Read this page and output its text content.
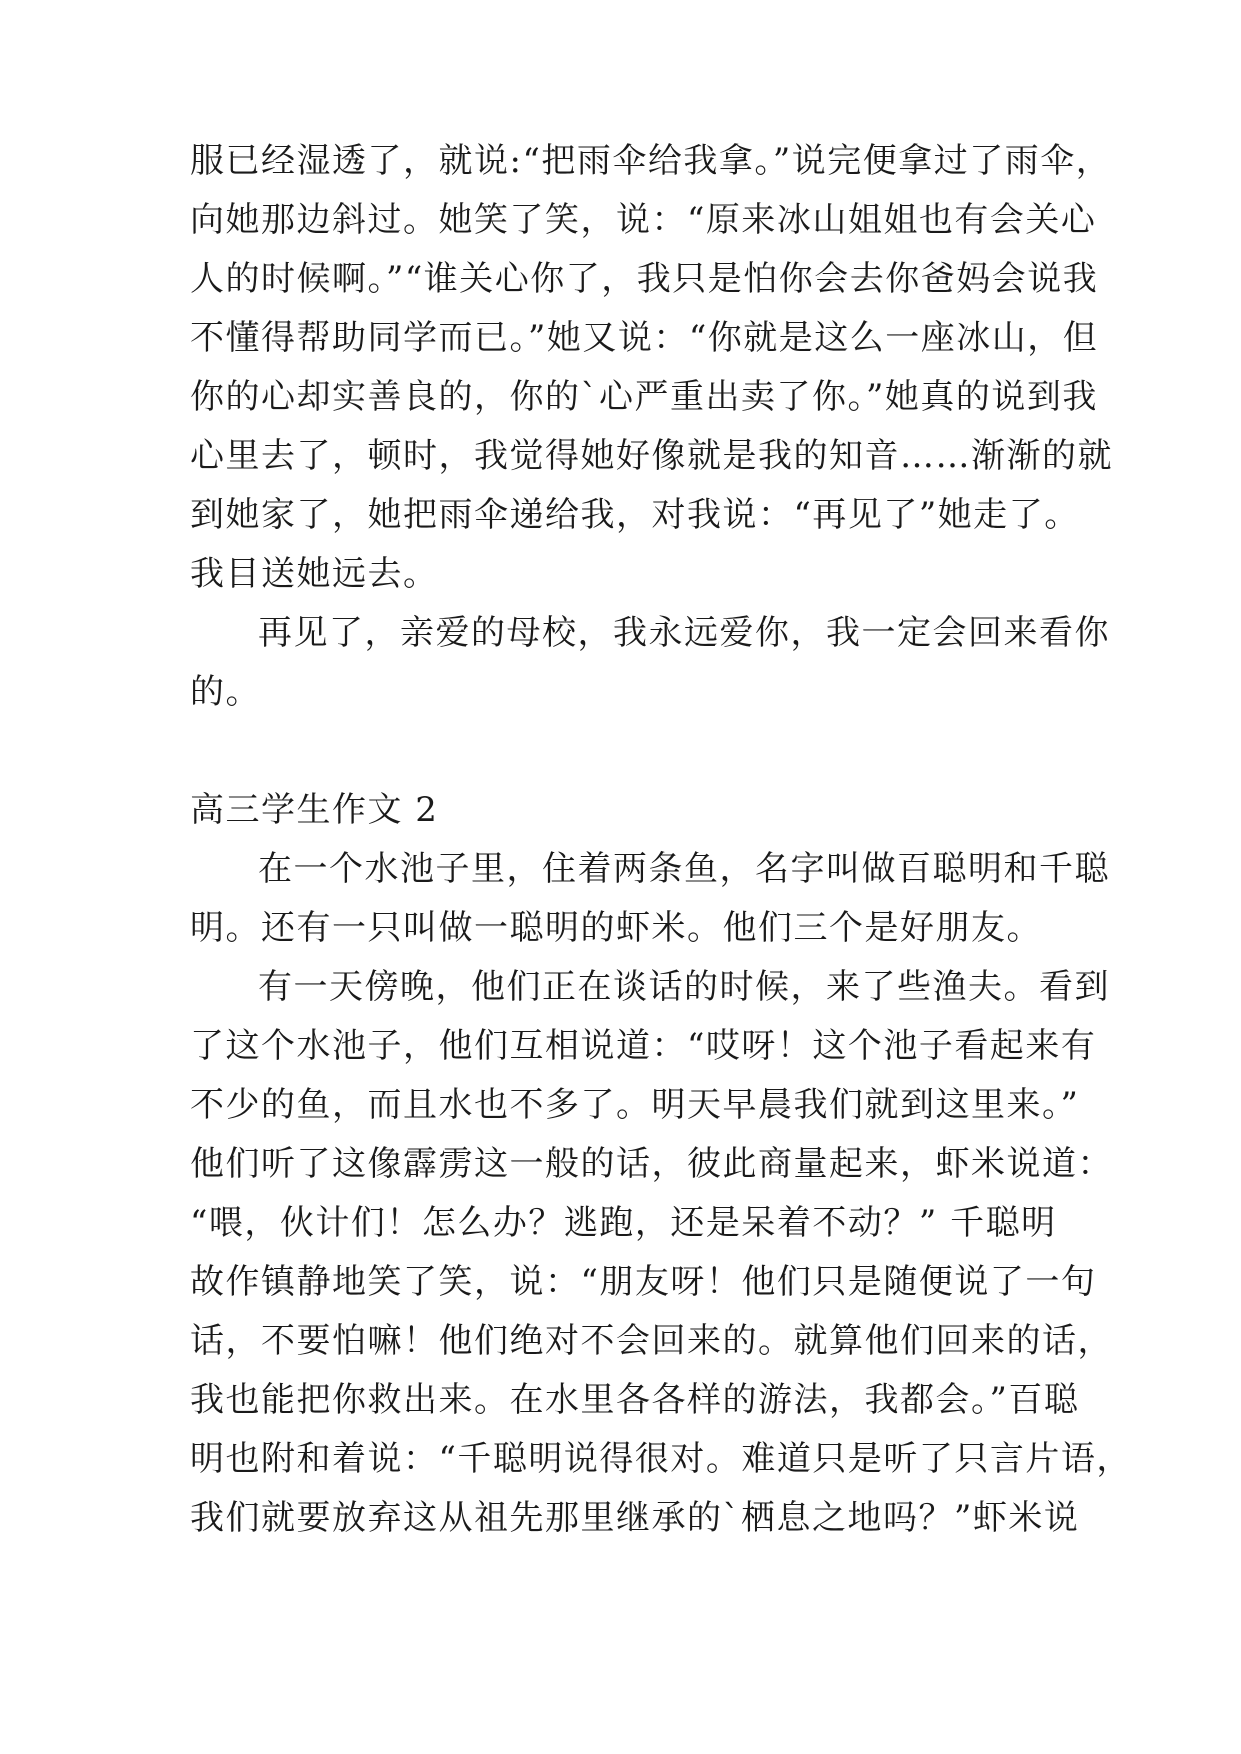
服已经湿透了，就说:“把雨伞给我拿。”说完便拿过了雨伞，
向她那边斜过。她笑了笑，说：“原来冰山姐姐也有会关心
人的时候啊。”“谁关心你了，我只是怕你会去你爸妈会说我
不懂得帮助同学而已。”她又说：“你就是这么一座冰山，但
你的心却实善良的，你的`心严重出卖了你。”她真的说到我
心里去了，顿时，我觉得她好像就是我的知音……渐渐的就
到她家了，她把雨伞递给我，对我说：“再见了”她走了。
我目送她远去。
再见了，亲爱的母校，我永远爱你，我一定会回来看你
的。
高三学生作文 2
在一个水池子里，住着两条鱼，名字叫做百聪明和千聪
明。还有一只叫做一聪明的虾米。他们三个是好朋友。
有一天傍晚，他们正在谈话的时候，来了些渔夫。看到
了这个水池子，他们互相说道：“哎呀！这个池子看起来有
不少的鱼，而且水也不多了。明天早晨我们就到这里来。”
他们听了这像霹雳这一般的话，彼此商量起来，虾米说道：
“喂，伙计们！怎么办？逃跑，还是呆着不动？” 千聪明
故作镇静地笑了笑，说：“朋友呀！他们只是随便说了一句
话，不要怕嘛！他们绝对不会回来的。就算他们回来的话，
我也能把你救出来。在水里各各样的游法，我都会。”百聪
明也附和着说：“千聪明说得很对。难道只是听了只言片语，
我们就要放弃这从祖先那里继承的`栖息之地吗？”虾米说
